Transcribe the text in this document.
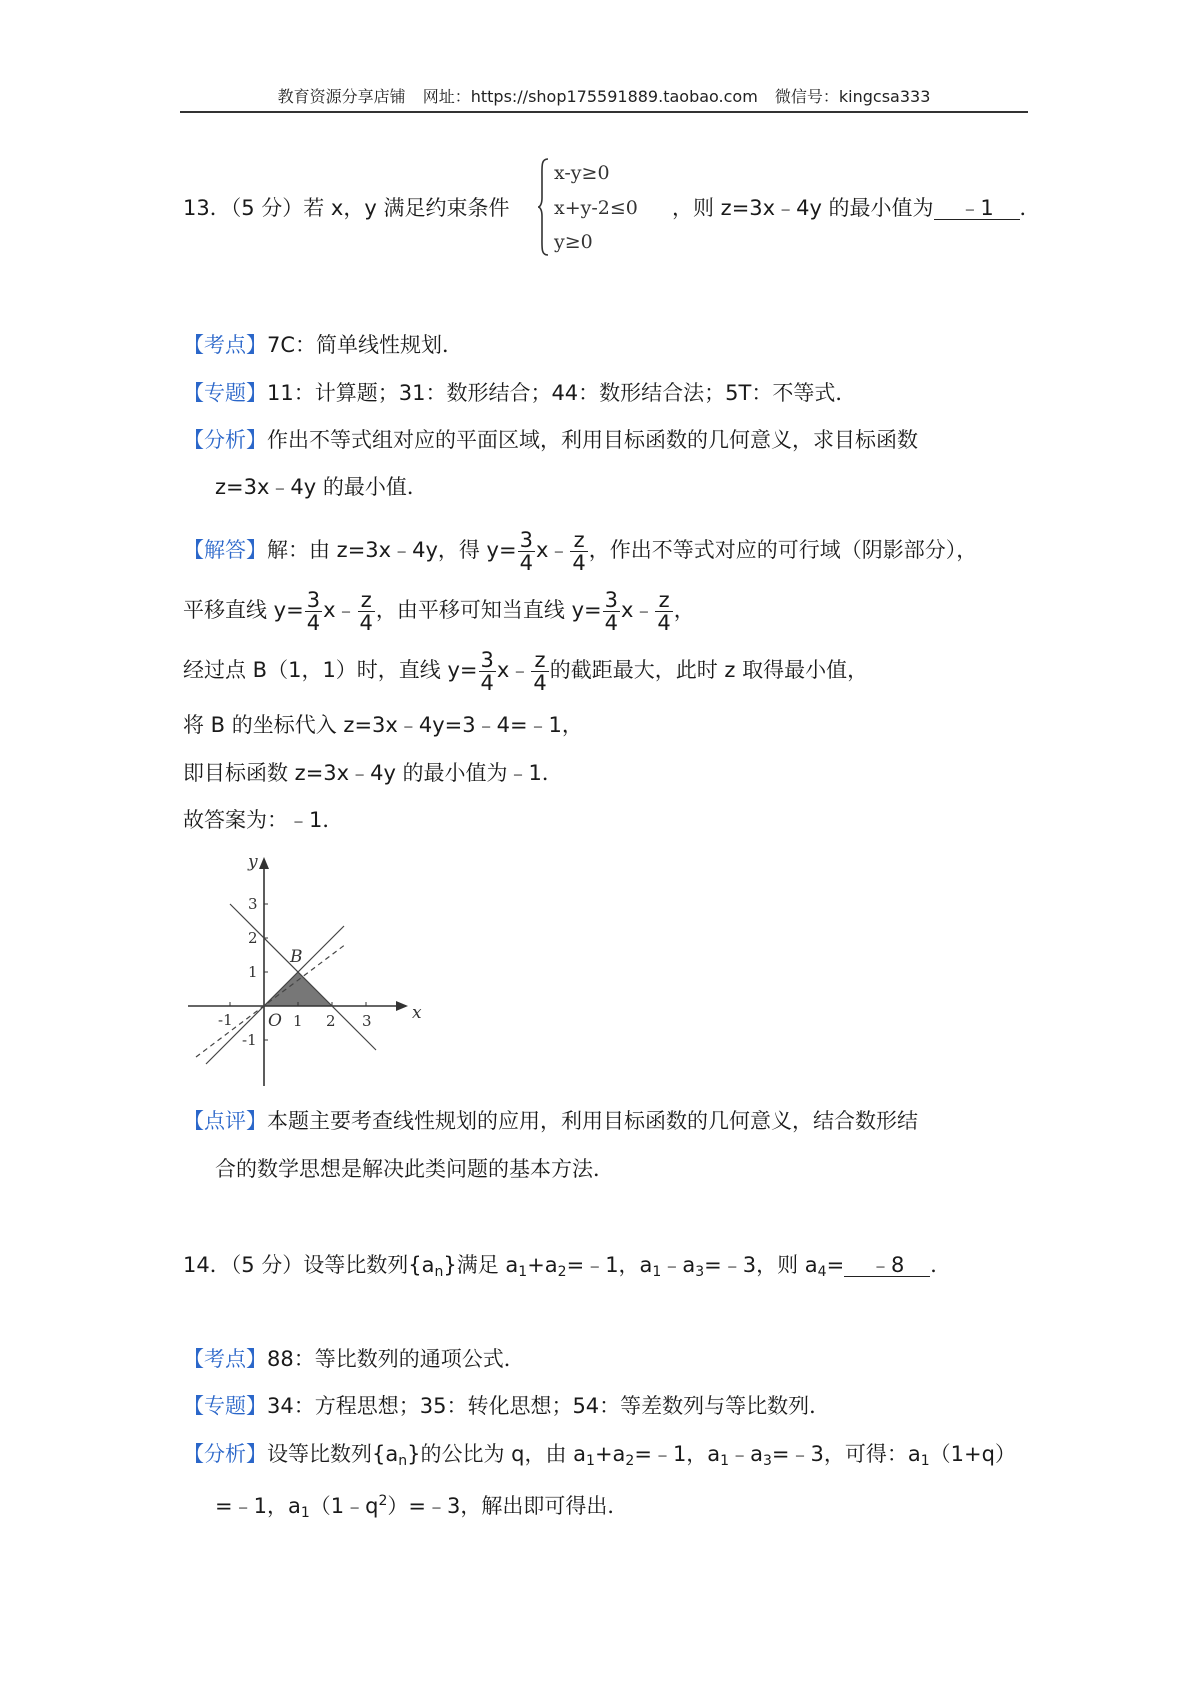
教育资源分享店铺 网址：https://shop175591889.taobao.com 微信号：kingcsa333
13．（5 分）若 x，y 满足约束条件
x-y≥0
x+y-2≤0
y≥0
，则 z=3x﹣4y 的最小值为 ﹣1 ．
【考点】7C：简单线性规划．
【专题】11：计算题；31：数形结合；44：数形结合法；5T：不等式．
【分析】作出不等式组对应的平面区域，利用目标函数的几何意义，求目标函数
z=3x﹣4y 的最小值．
【解答】解：由 z=3x﹣4y，得 $y= \frac{3}{4}$ x﹣ $\frac{z}{4}$ ，作出不等式对应的可行域（阴影部分），
平移直线 $y= \frac{3}{4}$ x﹣ $\frac{z}{4}$ ，由平移可知当直线 $y= \frac{3}{4}$ x﹣ $\frac{z}{4}$ ，
经过点 B（1，1）时，直线 $y= \frac{3}{4}$ x﹣ $\frac{z}{4}$ 的截距最大，此时 z 取得最小值，
将 B 的坐标代入 z=3x﹣4y=3﹣4=﹣1，
即目标函数 z=3x﹣4y 的最小值为﹣1．
故答案为：﹣1．
y
x
O
B
-1	1 2 3
3
2
1
-1
【点评】本题主要考查线性规划的应用，利用目标函数的几何意义，结合数形结
合的数学思想是解决此类问题的基本方法．
14．（5 分）设等比数列$\{a_n\}$满足 $a_1+a_2=﹣1$，$a_1﹣a_3=﹣3$，则 $a_4=$ ﹣8 ．
【考点】88：等比数列的通项公式．
【专题】34：方程思想；35：转化思想；54：等差数列与等比数列．
【分析】设等比数列$\{a_n\}$的公比为 q，由 $a_1+a_2=﹣1$，$a_1﹣a_3=﹣3$，可得：$a_1(1+q)$
=﹣1，$a_1(1﹣q^2)=﹣3$，解出即可得出．
